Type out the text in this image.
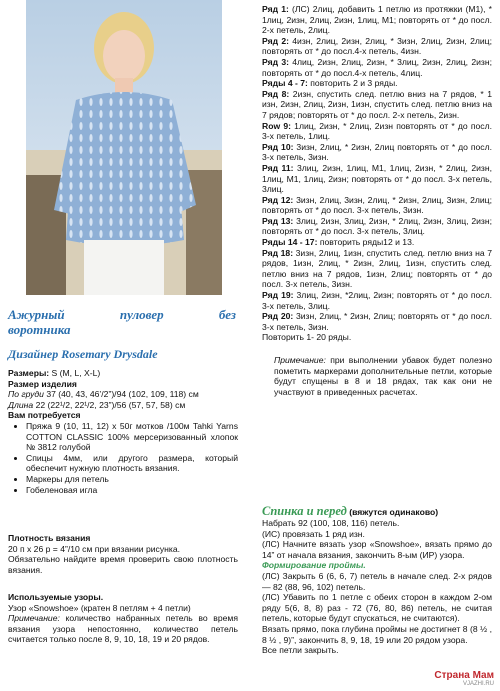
Ажурный	пуловер	без
воротника
Дизайнер Rosemary Drysdale
Размеры: S (M, L, X-L)
Размер изделия
По груди 37 (40, 43, 46’/2”)/94 (102, 109, 118) см
Длина 22 (22¹/2, 22¹/2, 23”)/56 (57, 57, 58) см
Вам потребуется
• Пряжа 9 (10, 11, 12) x 50г мотков /100м Tahki Yarns COTTON CLASSIC 100% мерсеризованный хлопок № 3812 голубой
• Спицы 4мм, или другого размера, который обеспечит нужную плотность вязания.
• Маркеры для петель
• Гобеленовая игла
Плотность вязания
20 п x 26 р = 4”/10 см при вязании рисунка.
Обязательно найдите время проверить свою плотность вязания.
Используемые узоры.
Узор «Snowshoe» (кратен 8 петлям + 4 петли)
Примечание: количество набранных петель во время вязания узора непостоянно, количество петель считается только после 8, 9, 10, 18, 19 и 20 рядов.
Ряд 1: (ЛС) 2лиц, добавить 1 петлю из протяжки (M1), * 1лиц, 2изн, 2лиц, 2изн, 1лиц, M1; повторять от * до посл. 2-х петель, 2лиц.
Ряд 2: 4изн, 2лиц, 2изн, 2лиц, * 3изн, 2лиц, 2изн, 2лиц; повторять от * до посл.4-х петель, 4изн.
Ряд 3: 4лиц, 2изн, 2лиц, 2изн, * 3лиц, 2изн, 2лиц, 2изн; повторять от * до посл.4-х петель, 4лиц.
Ряды 4 - 7: повторить 2 и 3 ряды.
Ряд 8: 2изн, спустить след. петлю вниз на 7 рядов, * 1 изн, 2изн, 2лиц, 2изн, 1изн, спустить след. петлю вниз на 7 рядов; повторять от * до посл. 2-х петель, 2изн.
Row 9: 1лиц, 2изн, * 2лиц, 2изн повторять от * до посл. 3-х петель, 1лиц.
Ряд 10: 3изн, 2лиц, * 2изн, 2лиц повторять от * до посл. 3-х петель, 3изн.
Ряд 11: 3лиц, 2изн, 1лиц, M1, 1лиц, 2изн, * 2лиц, 2изн, 1лиц, M1, 1лиц, 2изн; повторять от * до посл. 3-х петель, 3лиц.
Ряд 12: 3изн, 2лиц, 3изн, 2лиц, * 2изн, 2лиц, 3изн, 2лиц; повторять от * до посл. 3-х петель, 3изн.
Ряд 13: 3лиц, 2изн, 3лиц, 2изн, * 2лиц, 2изн, 3лиц, 2изн; повторять от * до посл. 3-х петель, 3лиц.
Ряды 14 - 17: повторить ряды12 и 13.
Ряд 18: 3изн, 2лиц, 1изн, спустить след. петлю вниз на 7 рядов, 1изн, 2лиц, * 2изн, 2лиц, 1изн, спустить след. петлю вниз на 7 рядов, 1изн, 2лиц; повторять от * до посл. 3-х петель, 3изн.
Ряд 19: 3лиц, 2изн, *2лиц, 2изн; повторять от * до посл. 3-х петель, 3лиц.
Ряд 20: 3изн, 2лиц, * 2изн, 2лиц; повторять от * до посл. 3-х петель, 3изн.
Повторить 1- 20 ряды.
Примечание: при выполнении убавок будет полезно пометить маркерами дополнительные петли, которые будут спущены в 8 и 18 рядах, так как они не участвуют в приведенных расчетах.
Спинка и перед (вяжутся одинаково)
Набрать 92 (100, 108, 116) петель.
(ИС) провязать 1 ряд изн.
(ЛС) Начните вязать узор «Snowshoe», вязать прямо до 14” от начала вязания, закончить 8-ым (ИР) узора.
Формирование проймы.
(ЛС) Закрыть 6 (6, 6, 7) петель в начале след. 2-х рядов — 82 (88, 96, 102) петель.
(ЛС) Убавить по 1 петле с обеих сторон в каждом 2-ом ряду 5(6, 8, 8) раз - 72 (76, 80, 86) петель, не считая петель, которые будут спускаться, не считаются).
Вязать прямо, пока глубина проймы не достигнет 8 (8 ½ , 8 ½ , 9)”, закончить 8, 9, 18, 19 или 20 рядом узора.
Все петли закрыть.
Страна Мам
VJAZHI.RU
